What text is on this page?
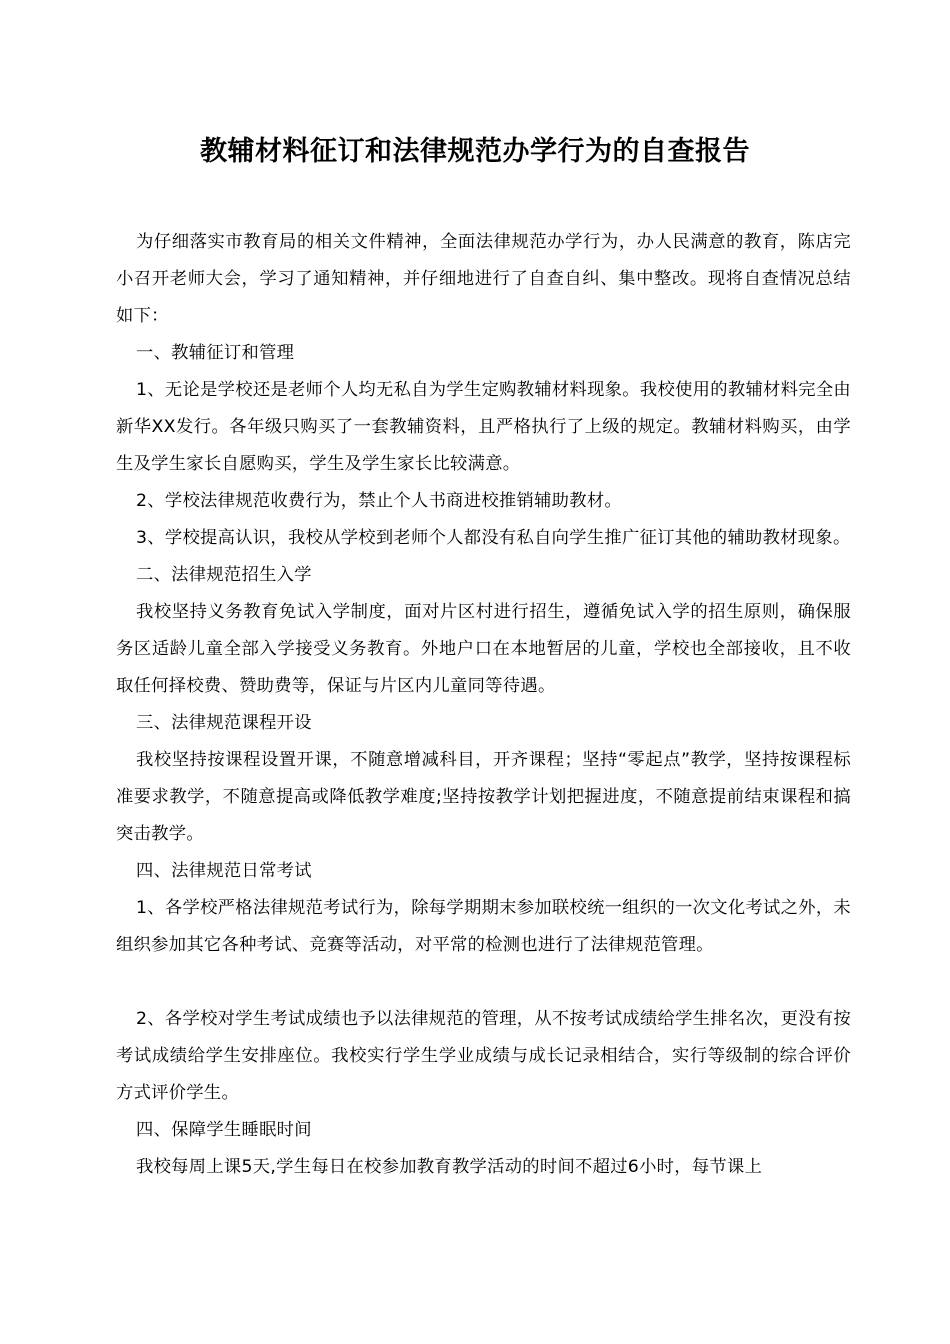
教辅材料征订和法律规范办学行为的自查报告

为仔细落实市教育局的相关文件精神，全面法律规范办学行为，办人民满意的教育，陈店完小召开老师大会，学习了通知精神，并仔细地进行了自查自纠、集中整改。现将自查情况总结如下：

一、教辅征订和管理

1、无论是学校还是老师个人均无私自为学生定购教辅材料现象。我校使用的教辅材料完全由新华XX发行。各年级只购买了一套教辅资料，且严格执行了上级的规定。教辅材料购买，由学生及学生家长自愿购买，学生及学生家长比较满意。

2、学校法律规范收费行为，禁止个人书商进校推销辅助教材。

3、学校提高认识，我校从学校到老师个人都没有私自向学生推广征订其他的辅助教材现象。

二、法律规范招生入学

我校坚持义务教育免试入学制度，面对片区村进行招生，遵循免试入学的招生原则，确保服务区适龄儿童全部入学接受义务教育。外地户口在本地暂居的儿童，学校也全部接收，且不收取任何择校费、赞助费等，保证与片区内儿童同等待遇。

三、法律规范课程开设

我校坚持按课程设置开课，不随意增减科目，开齐课程；坚持“零起点”教学，坚持按课程标准要求教学，不随意提高或降低教学难度;坚持按教学计划把握进度，不随意提前结束课程和搞突击教学。

四、法律规范日常考试

1、各学校严格法律规范考试行为，除每学期期末参加联校统一组织的一次文化考试之外，未组织参加其它各种考试、竞赛等活动，对平常的检测也进行了法律规范管理。

2、各学校对学生考试成绩也予以法律规范的管理，从不按考试成绩给学生排名次，更没有按考试成绩给学生安排座位。我校实行学生学业成绩与成长记录相结合，实行等级制的综合评价方式评价学生。

四、保障学生睡眠时间

我校每周上课5天,学生每日在校参加教育教学活动的时间不超过6小时，每节课上
